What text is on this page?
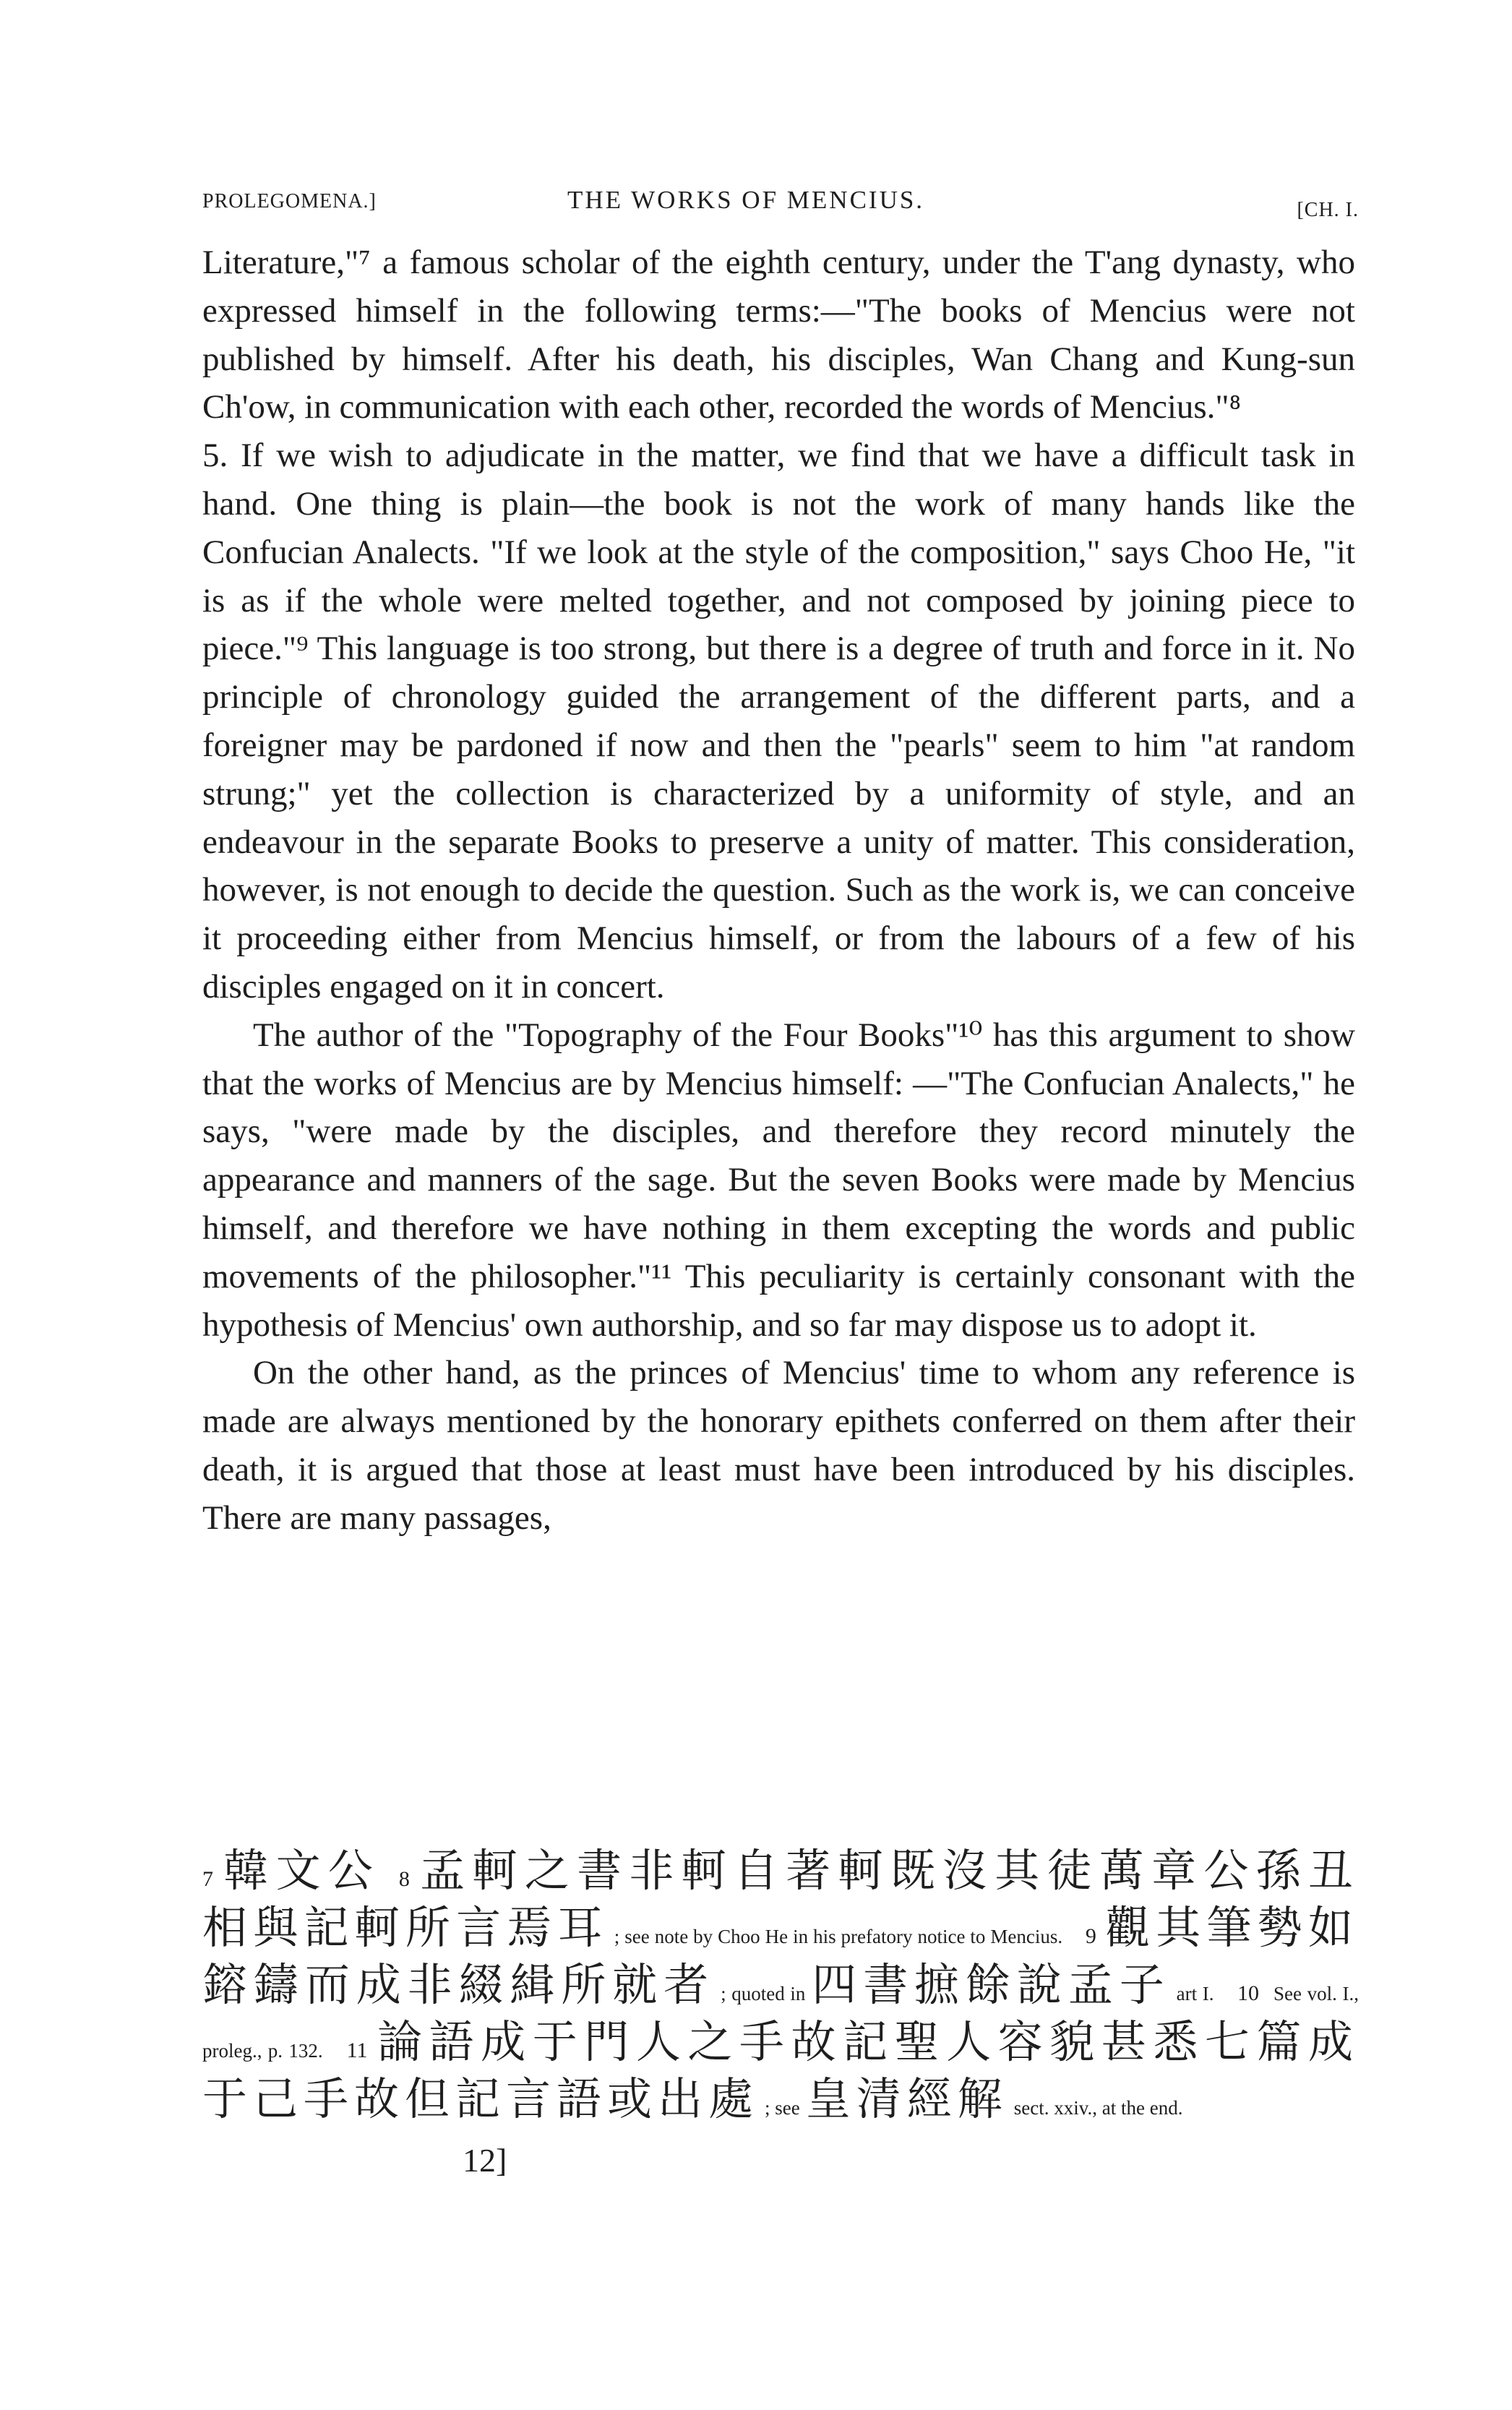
PROLEGOMENA.]	THE WORKS OF MENCIUS.	[CH. I.

Literature,"⁷ a famous scholar of the eighth century, under the T'ang dynasty, who expressed himself in the following terms:—"The books of Mencius were not published by himself. After his death, his disciples, Wan Chang and Kung-sun Ch'ow, in communication with each other, recorded the words of Mencius."⁸

5. If we wish to adjudicate in the matter, we find that we have a difficult task in hand. One thing is plain—the book is not the work of many hands like the Confucian Analects. "If we look at the style of the composition," says Choo He, "it is as if the whole were melted together, and not composed by joining piece to piece."⁹ This language is too strong, but there is a degree of truth and force in it. No principle of chronology guided the arrangement of the different parts, and a foreigner may be pardoned if now and then the "pearls" seem to him "at random strung;" yet the collection is characterized by a uniformity of style, and an endeavour in the separate Books to preserve a unity of matter. This consideration, however, is not enough to decide the question. Such as the work is, we can conceive it proceeding either from Mencius himself, or from the labours of a few of his disciples engaged on it in concert.

The author of the "Topography of the Four Books"¹⁰ has this argument to show that the works of Mencius are by Mencius himself: —"The Confucian Analects," he says, "were made by the disciples, and therefore they record minutely the appearance and manners of the sage. But the seven Books were made by Mencius himself, and therefore we have nothing in them excepting the words and public movements of the philosopher."¹¹ This peculiarity is certainly consonant with the hypothesis of Mencius' own authorship, and so far may dispose us to adopt it.

On the other hand, as the princes of Mencius' time to whom any reference is made are always mentioned by the honorary epithets conferred on them after their death, it is argued that those at least must have been introduced by his disciples. There are many passages,

7 韓文公 8 孟軻之書非軻自著軻既沒其徒萬章公孫丑相與記軻所言焉耳 ; see note by Choo He in his prefatory notice to Mencius. 9 觀其筆勢如鎔鑄而成非綴緝所就者 ; quoted in 四書摭餘說孟子 art I. 10 See vol. I., proleg., p. 132. 11 論語成于門人之手故記聖人容貌甚悉七篇成于己手故但記言語或出處 ; see 皇清經解 sect. xxiv., at the end.
12]
